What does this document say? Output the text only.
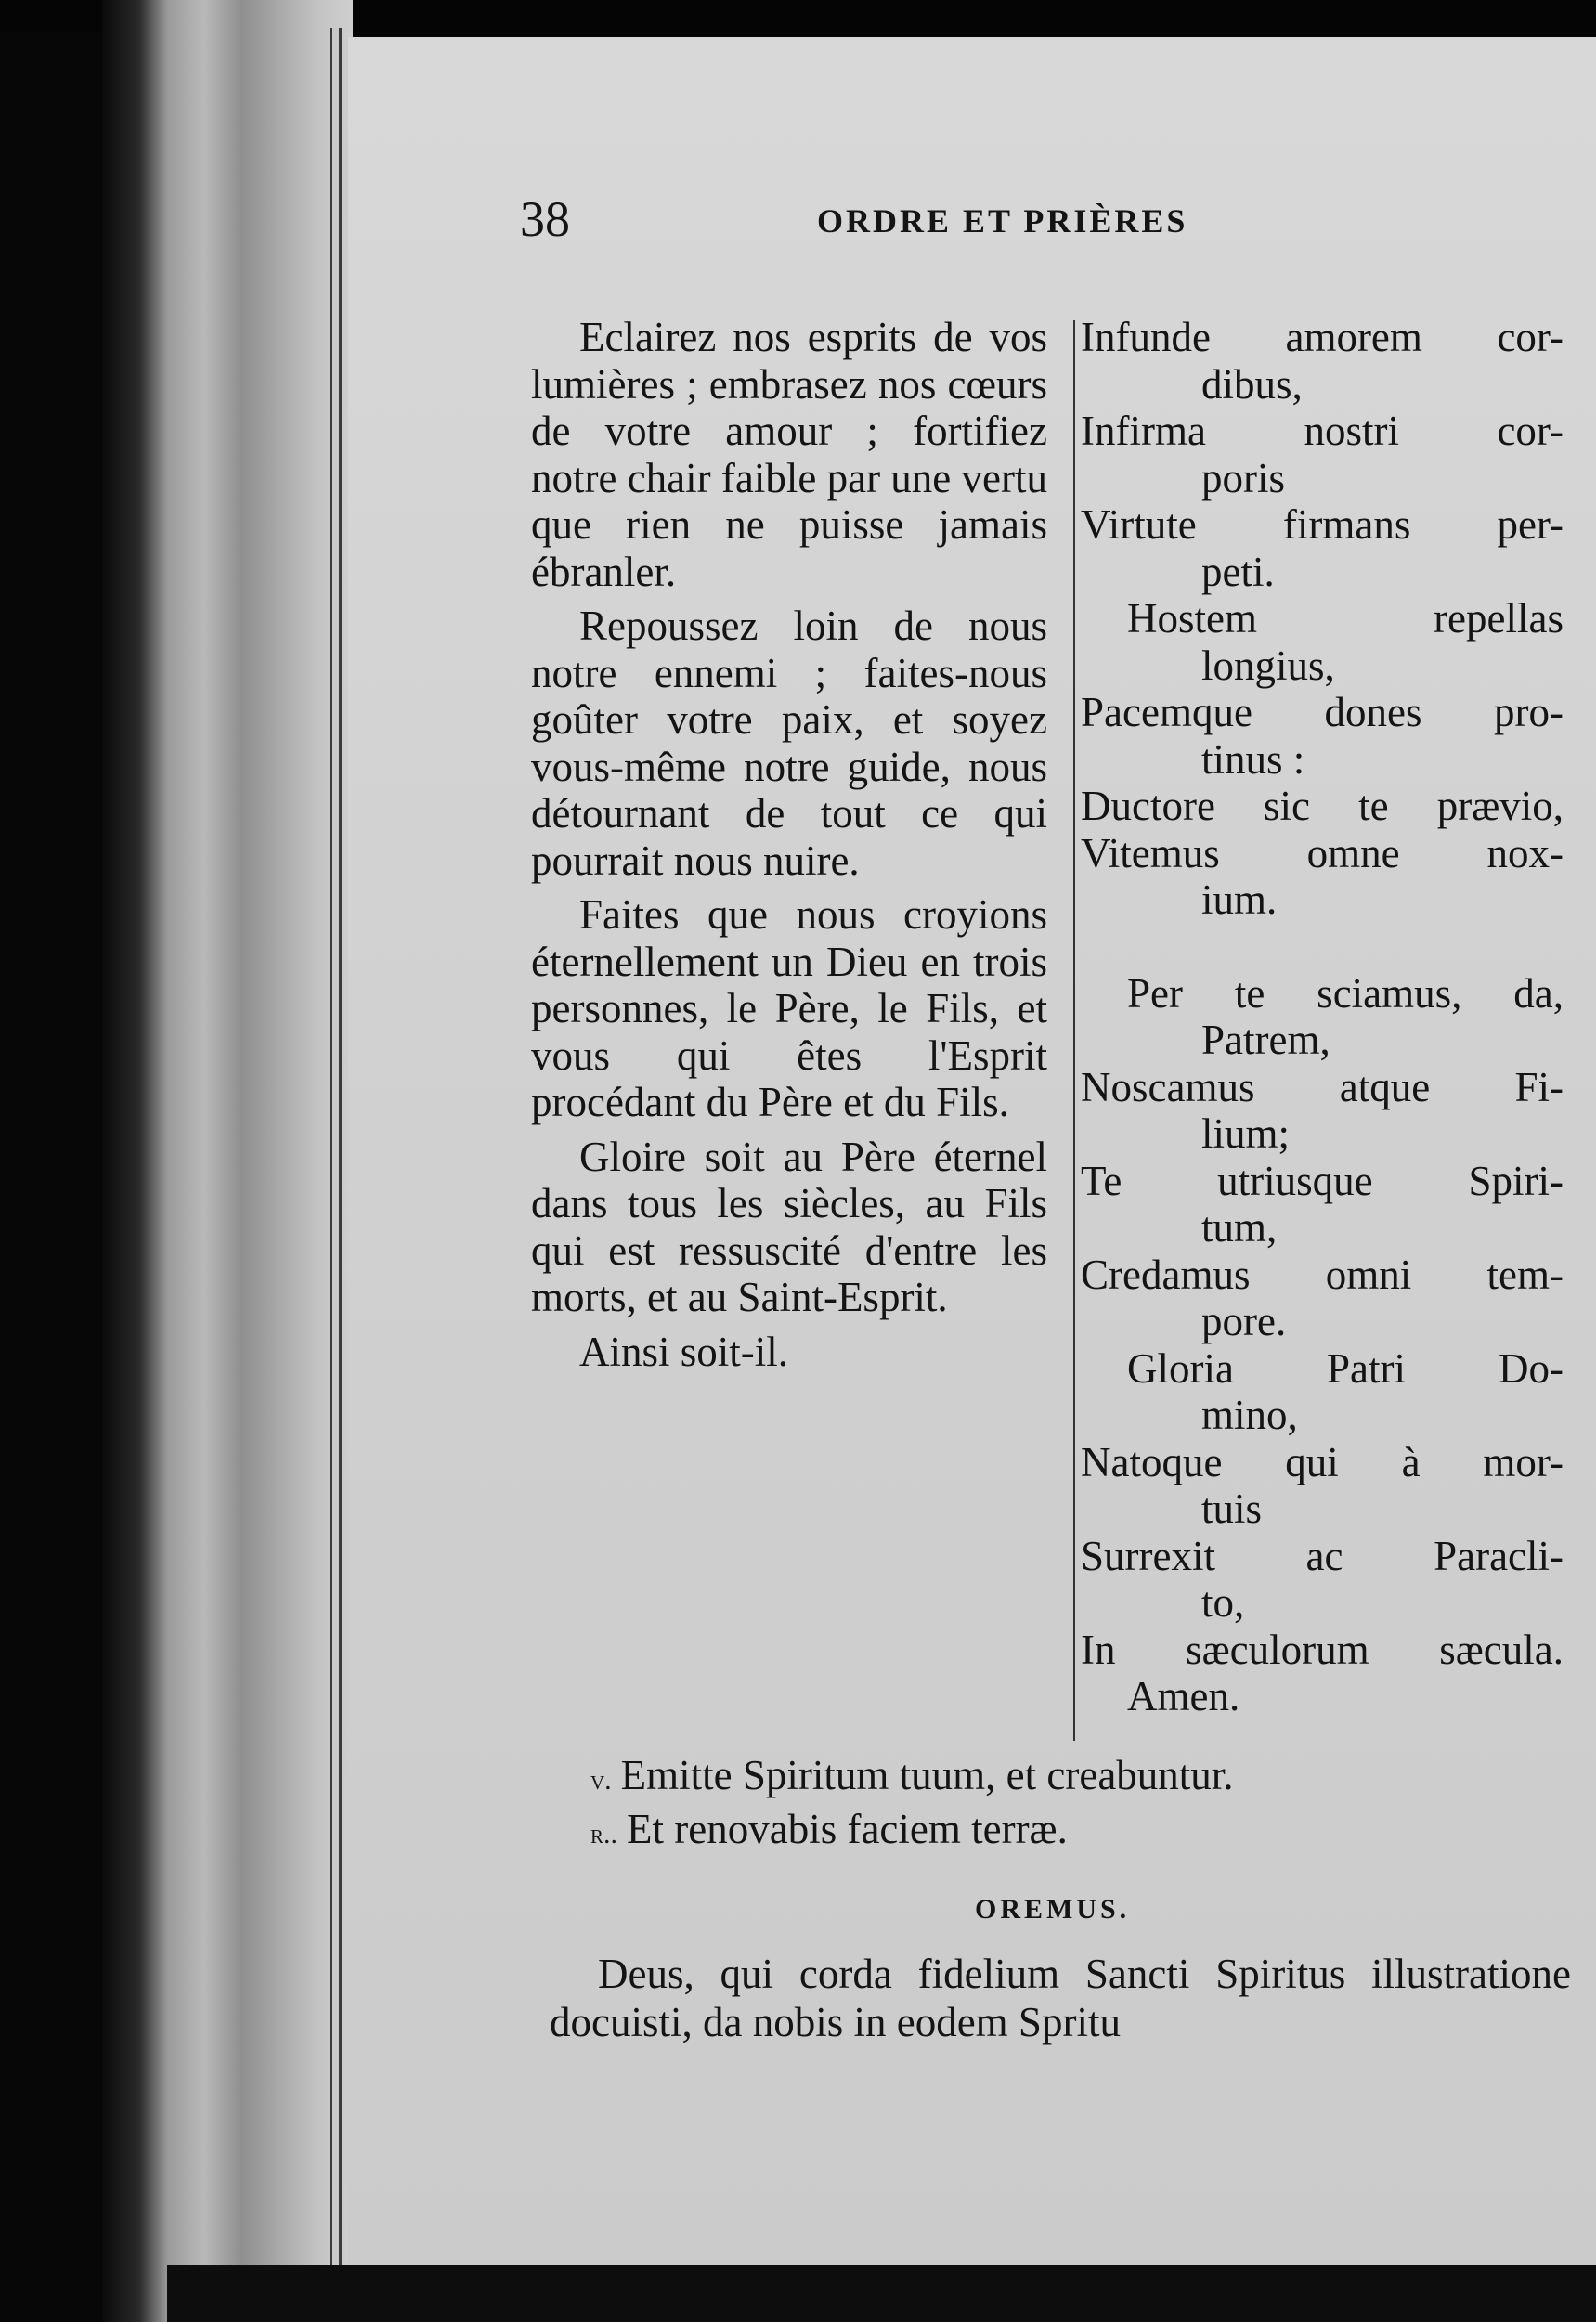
38	ORDRE ET PRIÈRES

Eclairez nos esprits de vos lumières ; embrasez nos cœurs de votre amour ; fortifiez notre chair faible par une vertu que rien ne puisse jamais ébranler.

Repoussez loin de nous notre ennemi ; faites-nous goûter votre paix, et soyez vous-même notre guide, nous détournant de tout ce qui pourrait nous nuire.

Faites que nous croyions éternellement un Dieu en trois personnes, le Père, le Fils, et vous qui êtes l'Esprit procédant du Père et du Fils.

Gloire soit au Père éternel dans tous les siècles, au Fils qui est ressuscité d'entre les morts, et au Saint-Esprit.

Ainsi soit-il.

Infunde amorem cor-
dibus,
Infirma nostri cor-
poris
Virtute firmans per-
peti.
Hostem repellas
longius,
Pacemque dones pro-
tinus :
Ductore sic te prævio,
Vitemus omne nox-
ium.
Per te sciamus, da,
Patrem,
Noscamus atque Fi-
lium;
Te utriusque Spiri-
tum,
Credamus omni tem-
pore.
Gloria Patri Do-
mino,
Natoque qui à mor-
tuis
Surrexit ac Paracli-
to,
In sæculorum sæcula.
Amen.
v. Emitte Spiritum tuum, et creabuntur.
r.. Et renovabis faciem terræ.
OREMUS.

Deus, qui corda fidelium Sancti Spiritus illustratione docuisti, da nobis in eodem Spritu
